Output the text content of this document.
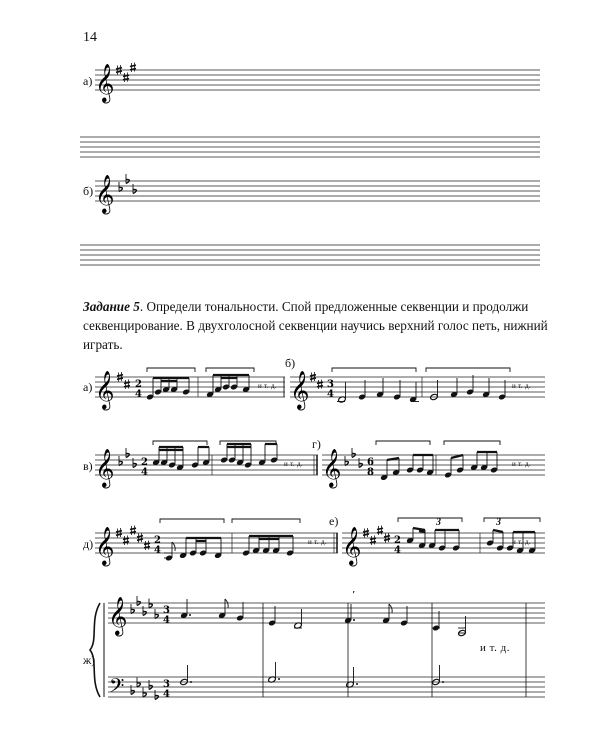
14
а)
б)
Задание 5. Определи тональности. Спой предложенные секвенции и продолжи секвенцирование. В двухголосной секвенции научись верхний голос петь, нижний играть.
а)
б)
в)
г)
д)
е)
ж)
и т. д.	и т. д.
и т. д.	и т. д.
и т. д.	и т. д.
и т. д.
3	3
𝄞
𝄞
𝄞 2
4	𝄞 3
4
𝄞	2
4	𝄞	6
8
𝄞	2
4	𝄞	2
4
𝄞
𝄢
3
4
3
4
’
